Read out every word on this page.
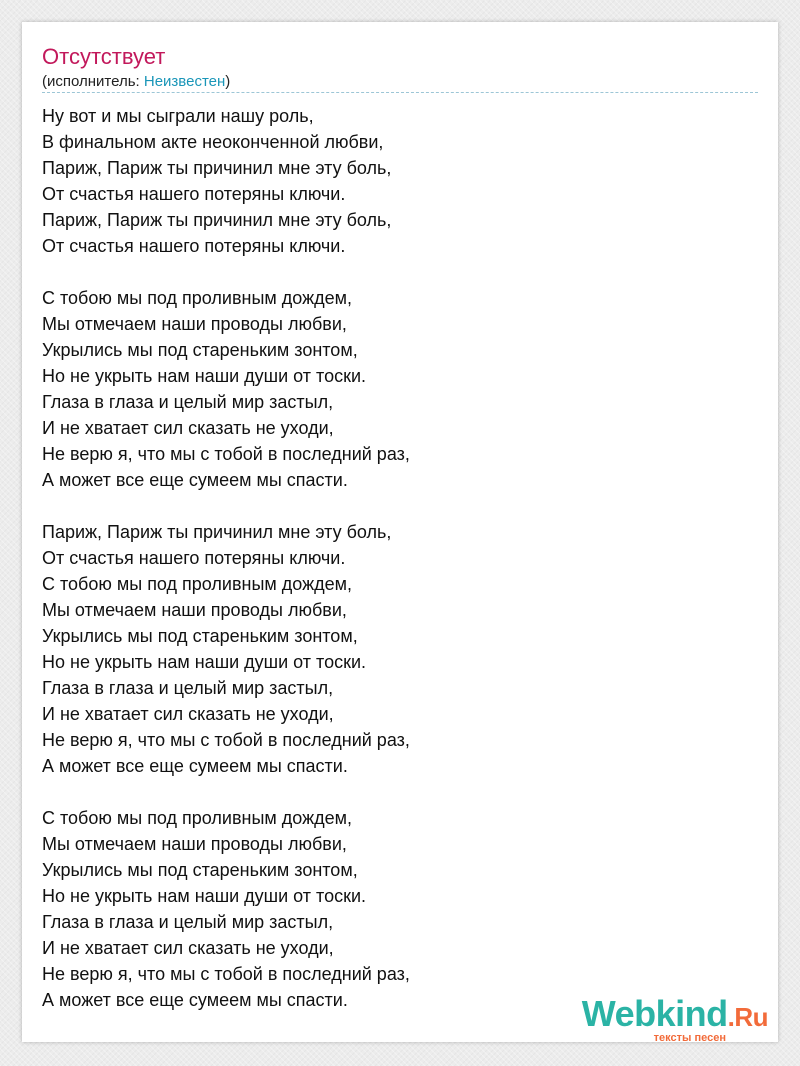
Отсутствует
(исполнитель: Неизвестен)
Ну вот и мы сыграли нашу роль,
В финальном акте неоконченной любви,
Париж, Париж ты причинил мне эту боль,
От счастья нашего потеряны ключи.
Париж, Париж ты причинил мне эту боль,
От счастья нашего потеряны ключи.
С тобою мы под проливным дождем,
Мы отмечаем наши проводы любви,
Укрылись мы под стареньким зонтом,
Но не укрыть нам наши души от тоски.
Глаза в глаза и целый мир застыл,
И не хватает сил сказать не уходи,
Не верю я, что мы с тобой в последний раз,
А может все еще сумеем мы спасти.
Париж, Париж ты причинил мне эту боль,
От счастья нашего потеряны ключи.
С тобою мы под проливным дождем,
Мы отмечаем наши проводы любви,
Укрылись мы под стареньким зонтом,
Но не укрыть нам наши души от тоски.
Глаза в глаза и целый мир застыл,
И не хватает сил сказать не уходи,
Не верю я, что мы с тобой в последний раз,
А может все еще сумеем мы спасти.
С тобою мы под проливным дождем,
Мы отмечаем наши проводы любви,
Укрылись мы под стареньким зонтом,
Но не укрыть нам наши души от тоски.
Глаза в глаза и целый мир застыл,
И не хватает сил сказать не уходи,
Не верю я, что мы с тобой в последний раз,
А может все еще сумеем мы спасти.	Webkind.Ru
тексты песен
